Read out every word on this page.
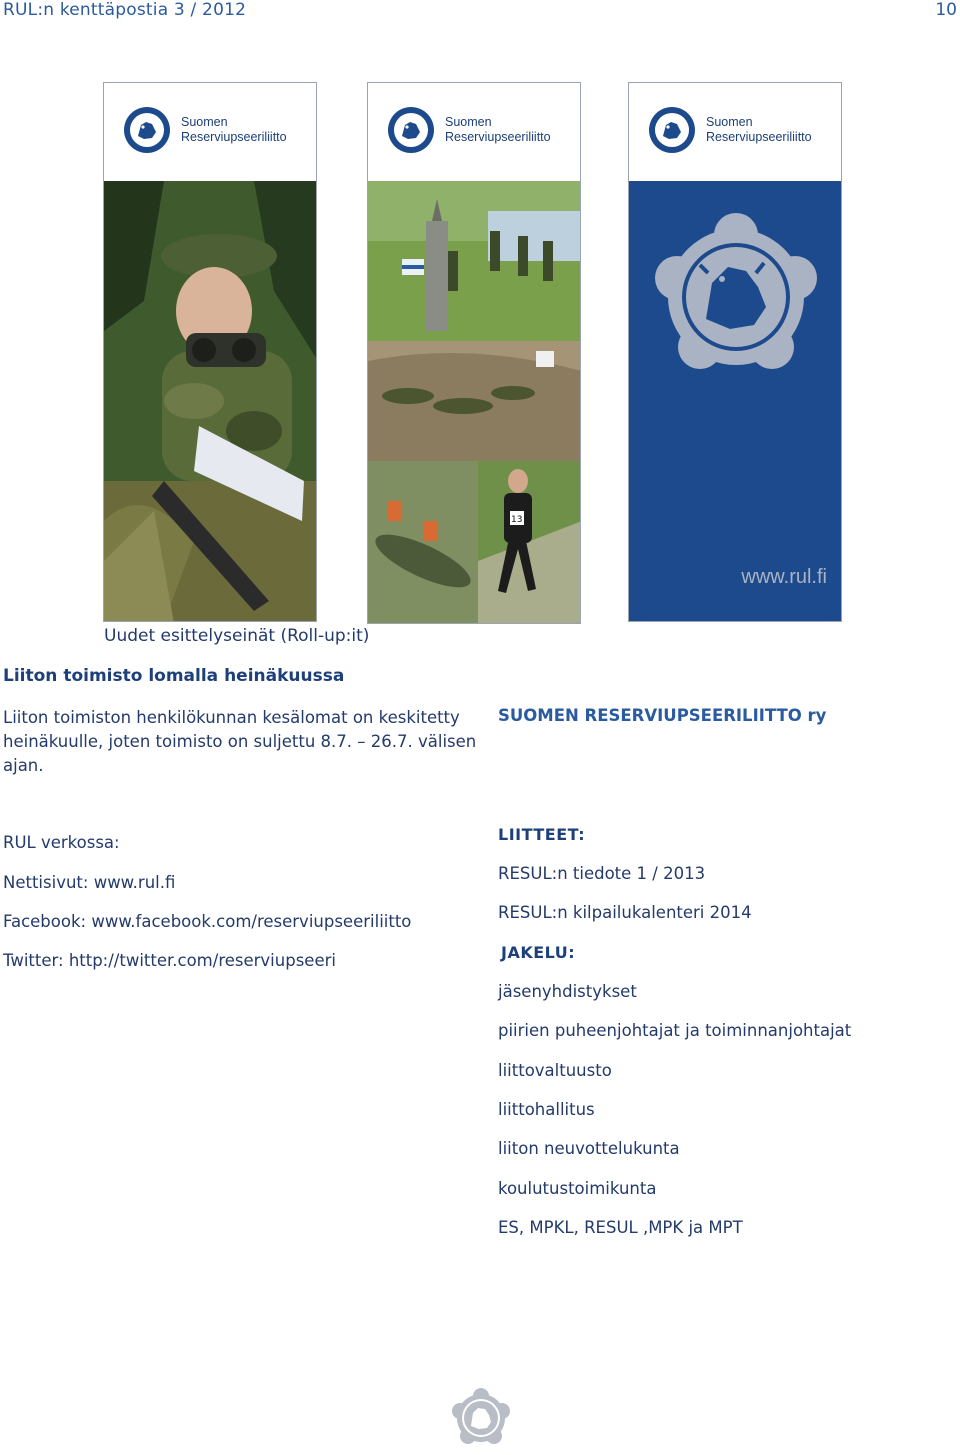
RUL:n kenttäpostia 3 / 2012	10
Suomen
Reserviupseeriliitto
Suomen
Reserviupseeriliitto
13
Suomen
Reserviupseeriliitto
www.rul.fi
Uudet esittelyseinät (Roll-up:it)
Liiton toimisto lomalla heinäkuussa
Liiton toimiston henkilökunnan kesälomat on keskitetty heinäkuulle, joten toimisto on suljettu 8.7. – 26.7. välisen ajan.
SUOMEN RESERVIUPSEERILIITTO ry
RUL verkossa:
Nettisivut: www.rul.fi
Facebook: www.facebook.com/reserviupseeriliitto
Twitter: http://twitter.com/reserviupseeri
LIITTEET:
RESUL:n tiedote 1 / 2013
RESUL:n kilpailukalenteri 2014
JAKELU:
jäsenyhdistykset
piirien puheenjohtajat ja toiminnanjohtajat
liittovaltuusto
liittohallitus
liiton neuvottelukunta
koulutustoimikunta
ES, MPKL, RESUL ,MPK ja MPT
